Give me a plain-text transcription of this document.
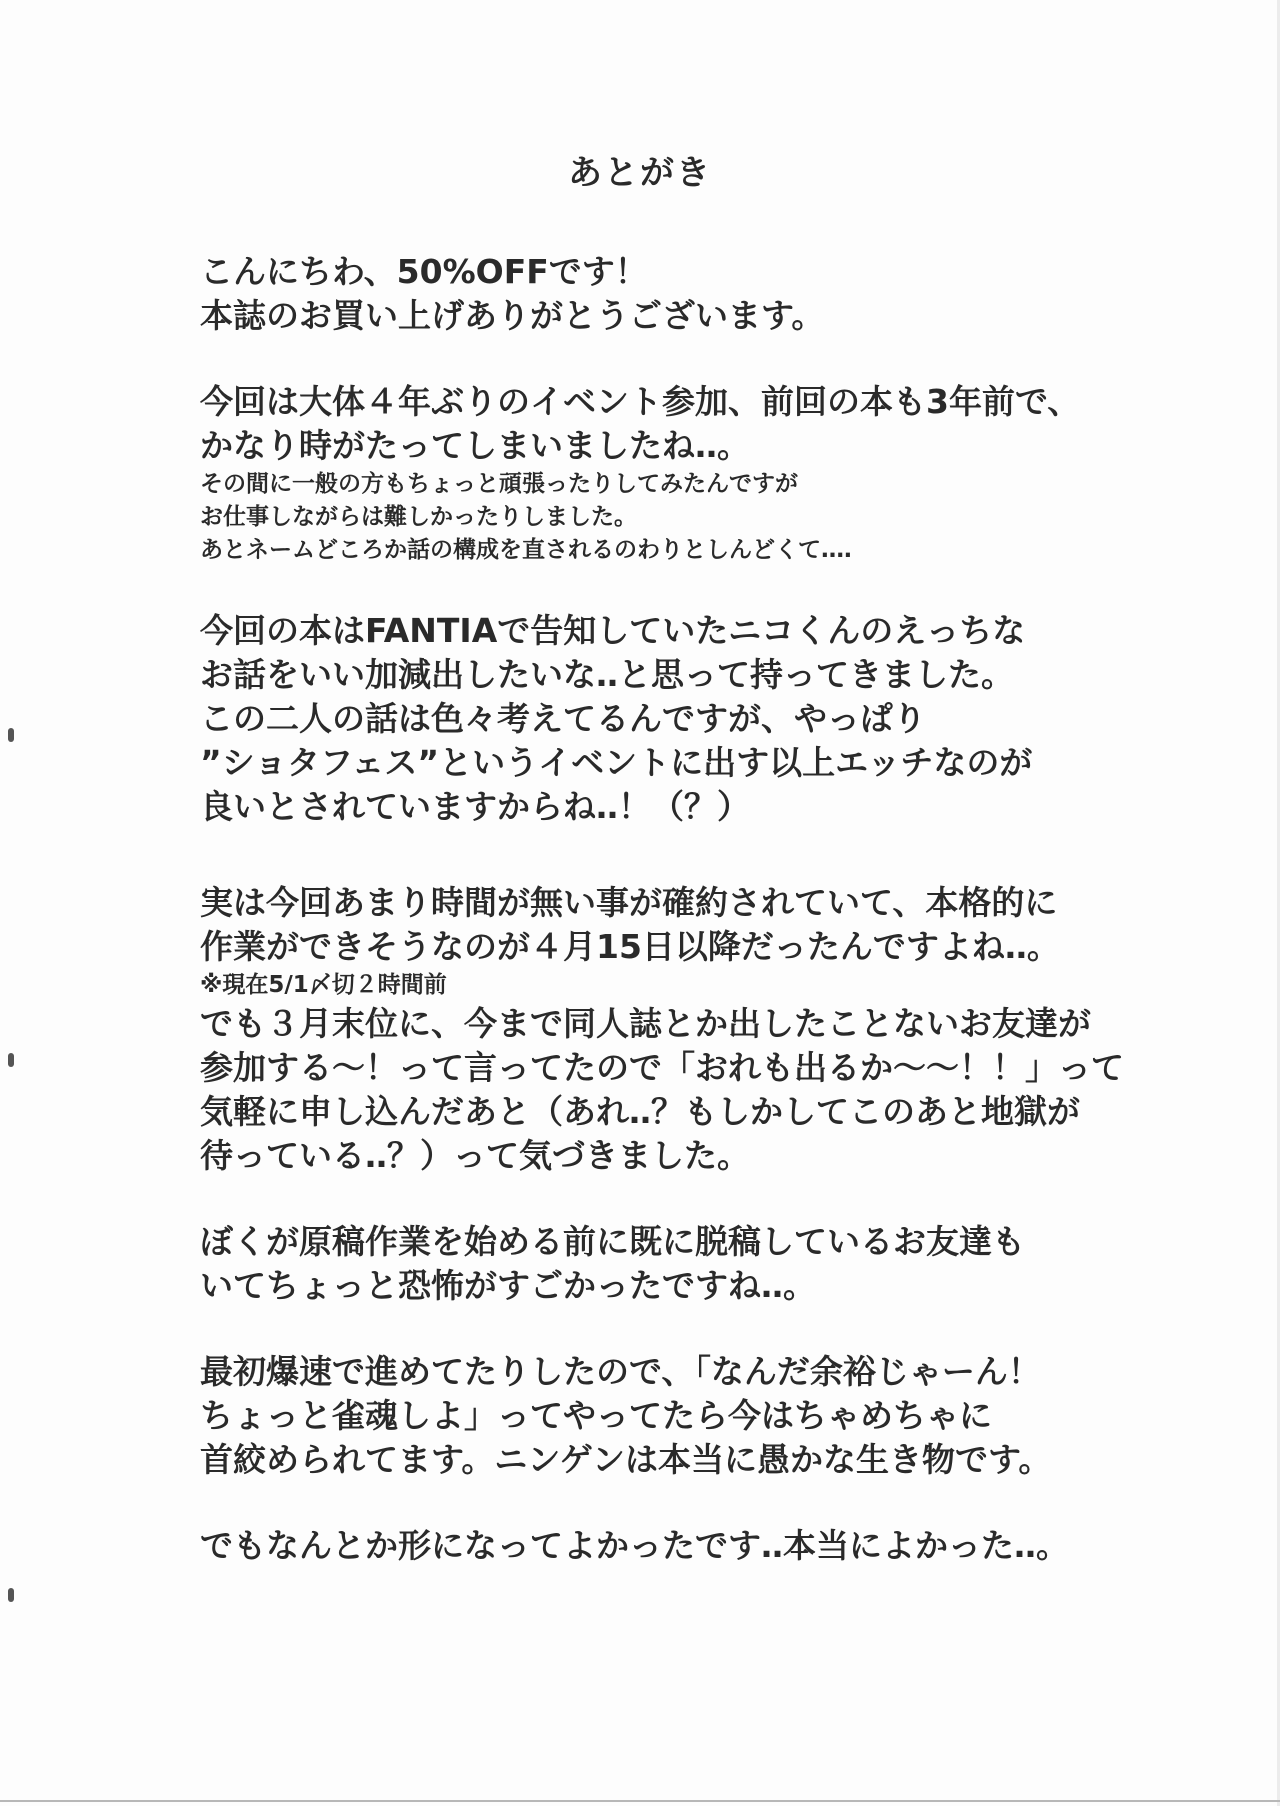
あとがき
こんにちわ、50%OFFです！
本誌のお買い上げありがとうございます。
今回は大体４年ぶりのイベント参加、前回の本も3年前で、
かなり時がたってしまいましたね‥。
その間に一般の方もちょっと頑張ったりしてみたんですが
お仕事しながらは難しかったりしました。
あとネームどころか話の構成を直されるのわりとしんどくて‥‥
今回の本はFANTIAで告知していたニコくんのえっちな
お話をいい加減出したいな‥と思って持ってきました。
この二人の話は色々考えてるんですが、やっぱり
”ショタフェス”というイベントに出す以上エッチなのが
良いとされていますからね‥！（？）
実は今回あまり時間が無い事が確約されていて、本格的に
作業ができそうなのが４月15日以降だったんですよね‥。
※現在5/1〆切２時間前
でも３月末位に、今まで同人誌とか出したことないお友達が
参加する～！って言ってたので「おれも出るか～～！！」って
気軽に申し込んだあと（あれ‥？もしかしてこのあと地獄が
待っている‥？）って気づきました。
ぼくが原稿作業を始める前に既に脱稿しているお友達も
いてちょっと恐怖がすごかったですね‥。
最初爆速で進めてたりしたので、「なんだ余裕じゃーん！
ちょっと雀魂しよ」ってやってたら今はちゃめちゃに
首絞められてます。ニンゲンは本当に愚かな生き物です。
でもなんとか形になってよかったです‥本当によかった‥。
